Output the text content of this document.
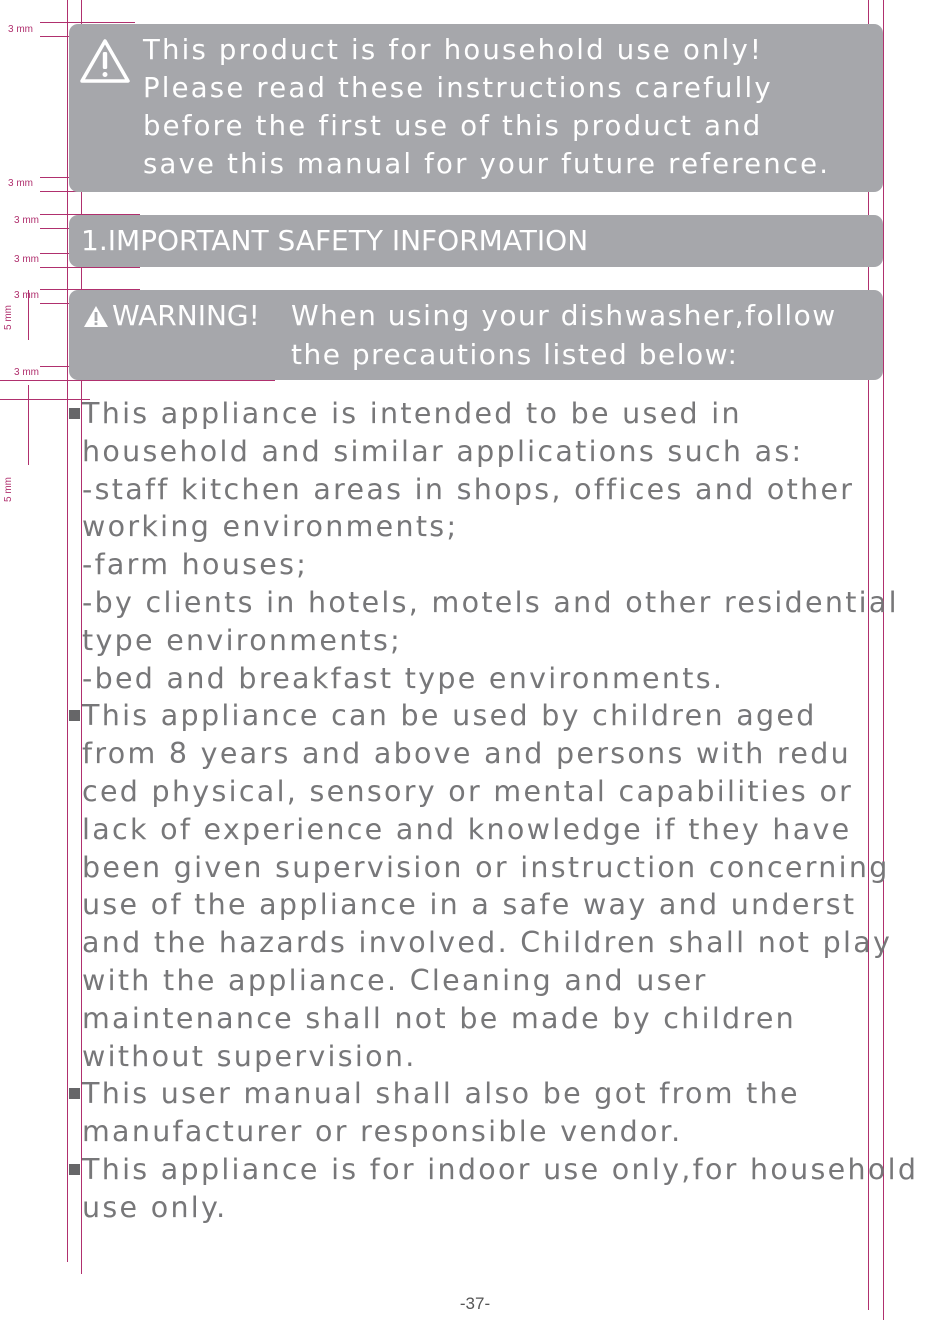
3 mm
3 mm
3 mm
3 mm
3 mm
3 mm
5 mm
5 mm
This product is for household use only!
Please read these instructions carefully
before the first use of this product and
save this manual for your future reference.
1.IMPORTANT SAFETY INFORMATION
WARNING! When using your dishwasher,follow
the precautions listed below:
This appliance is intended to be used in
household and similar applications such as:
-staff kitchen areas in shops, offices and other
working environments;
-farm houses;
-by clients in hotels, motels and other residential
type environments;
-bed and breakfast type environments.
This appliance can be used by children aged
from 8 years and above and persons with redu
ced physical, sensory or mental capabilities or
lack of experience and knowledge if they have
been given supervision or instruction concerning
use of the appliance in a safe way and underst
and the hazards involved. Children shall not play
with the appliance. Cleaning and user
maintenance shall not be made by children
without supervision.
This user manual shall also be got from the
manufacturer or responsible vendor.
This appliance is for indoor use only,for household
use only.
-37-
